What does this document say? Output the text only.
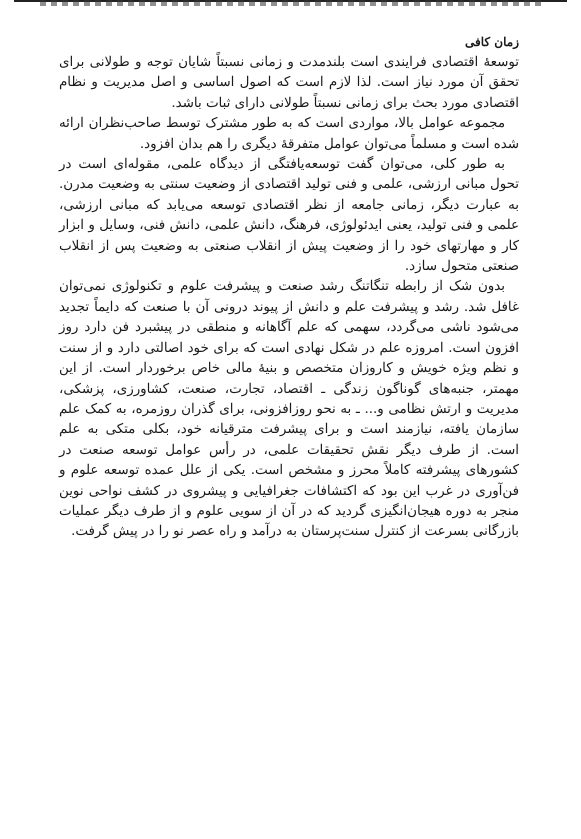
زمان کافی

توسعهٔ اقتصادی فرایندی است بلندمدت و زمانی نسبتاً شایان توجه و طولانی برای تحقق آن مورد نیاز است. لذا لازم است که اصول اساسی و اصل مدیریت و نظام اقتصادی مورد بحث برای زمانی نسبتاً طولانی دارای ثبات باشد.

مجموعه عوامل بالا، مواردی است که به طور مشترک توسط صاحب‌نظران ارائه شده است و مسلماً می‌توان عوامل متفرقهٔ دیگری را هم بدان افزود.

به طور کلی، می‌توان گفت توسعه‌یافتگی از دیدگاه علمی، مقوله‌ای است در تحول مبانی ارزشی، علمی و فنی تولید اقتصادی از وضعیت سنتی به وضعیت مدرن. به عبارت دیگر، زمانی جامعه از نظر اقتصادی توسعه می‌یابد که مبانی ارزشی، علمی و فنی تولید، یعنی ایدئولوژی، فرهنگ، دانش علمی، دانش فنی، وسایل و ابزار کار و مهارتهای خود را از وضعیت پیش از انقلاب صنعتی به وضعیت پس از انقلاب صنعتی متحول سازد.

بدون شک از رابطه تنگاتنگ رشد صنعت و پیشرفت علوم و تکنولوژی نمی‌توان غافل شد. رشد و پیشرفت علم و دانش از پیوند درونی آن با صنعت که دایماً تجدید می‌شود ناشی می‌گردد، سهمی که علم آگاهانه و منطقی در پیشبرد فن دارد روز افزون است. امروزه علم در شکل نهادی است که برای خود اصالتی دارد و از سنت و نظم ویژه خویش و کاروزان متخصص و بنیهٔ مالی خاص برخوردار است. از این مهمتر، جنبه‌های گوناگون زندگی ـ اقتصاد، تجارت، صنعت، کشاورزی، پزشکی، مدیریت و ارتش نظامی و... ـ به نحو روزافزونی، برای گذران روزمره، به کمک علم سازمان یافته، نیازمند است و برای پیشرفت مترقیانه خود، بکلی متکی به علم است. از طرف دیگر نقش تحقیقات علمی، در رأس عوامل توسعه صنعت در کشورهای پیشرفته کاملاً محرز و مشخص است. یکی از علل عمده توسعه علوم و فن‌آوری در غرب این بود که اکتشافات جغرافیایی و پیشروی در کشف نواحی نوین منجر به دوره هیجان‌انگیزی گردید که در آن از سویی علوم و از طرف دیگر عملیات بازرگانی بسرعت از کنترل سنت‌پرستان به درآمد و راه عصر نو را در پیش گرفت.
